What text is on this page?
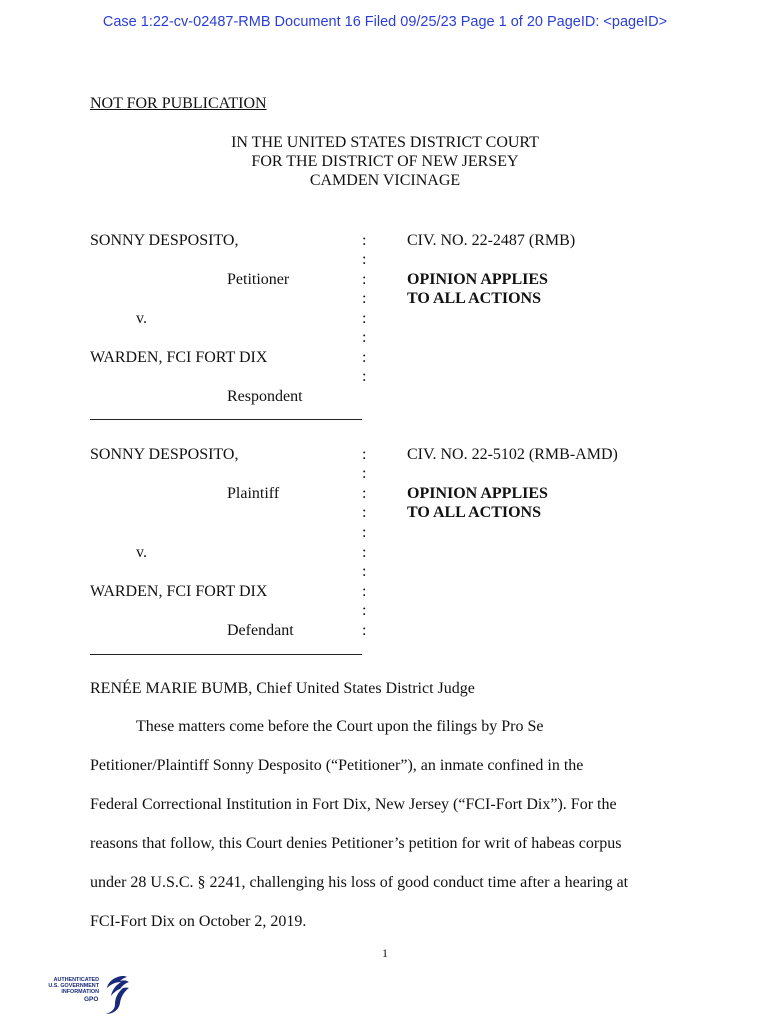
Case 1:22-cv-02487-RMB Document 16 Filed 09/25/23 Page 1 of 20 PageID: <pageID>
NOT FOR PUBLICATION
IN THE UNITED STATES DISTRICT COURT
FOR THE DISTRICT OF NEW JERSEY
CAMDEN VICINAGE
SONNY DESPOSITO,
Petitioner
v.
WARDEN, FCI FORT DIX
Respondent
:
:
:
:
:
:
:
:
CIV. NO. 22-2487 (RMB)
OPINION APPLIES
TO ALL ACTIONS
SONNY DESPOSITO,
Plaintiff
v.
WARDEN, FCI FORT DIX
Defendant
:
:
:
:
:
:
:
:
:
:
CIV. NO. 22-5102 (RMB-AMD)
OPINION APPLIES
TO ALL ACTIONS
RENÉE MARIE BUMB, Chief United States District Judge
These matters come before the Court upon the filings by Pro Se
Petitioner/Plaintiff Sonny Desposito (“Petitioner”), an inmate confined in the
Federal Correctional Institution in Fort Dix, New Jersey (“FCI-Fort Dix”). For the
reasons that follow, this Court denies Petitioner’s petition for writ of habeas corpus
under 28 U.S.C. § 2241, challenging his loss of good conduct time after a hearing at
FCI-Fort Dix on October 2, 2019.
1
AUTHENTICATED
U.S. GOVERNMENT
INFORMATION
GPO
